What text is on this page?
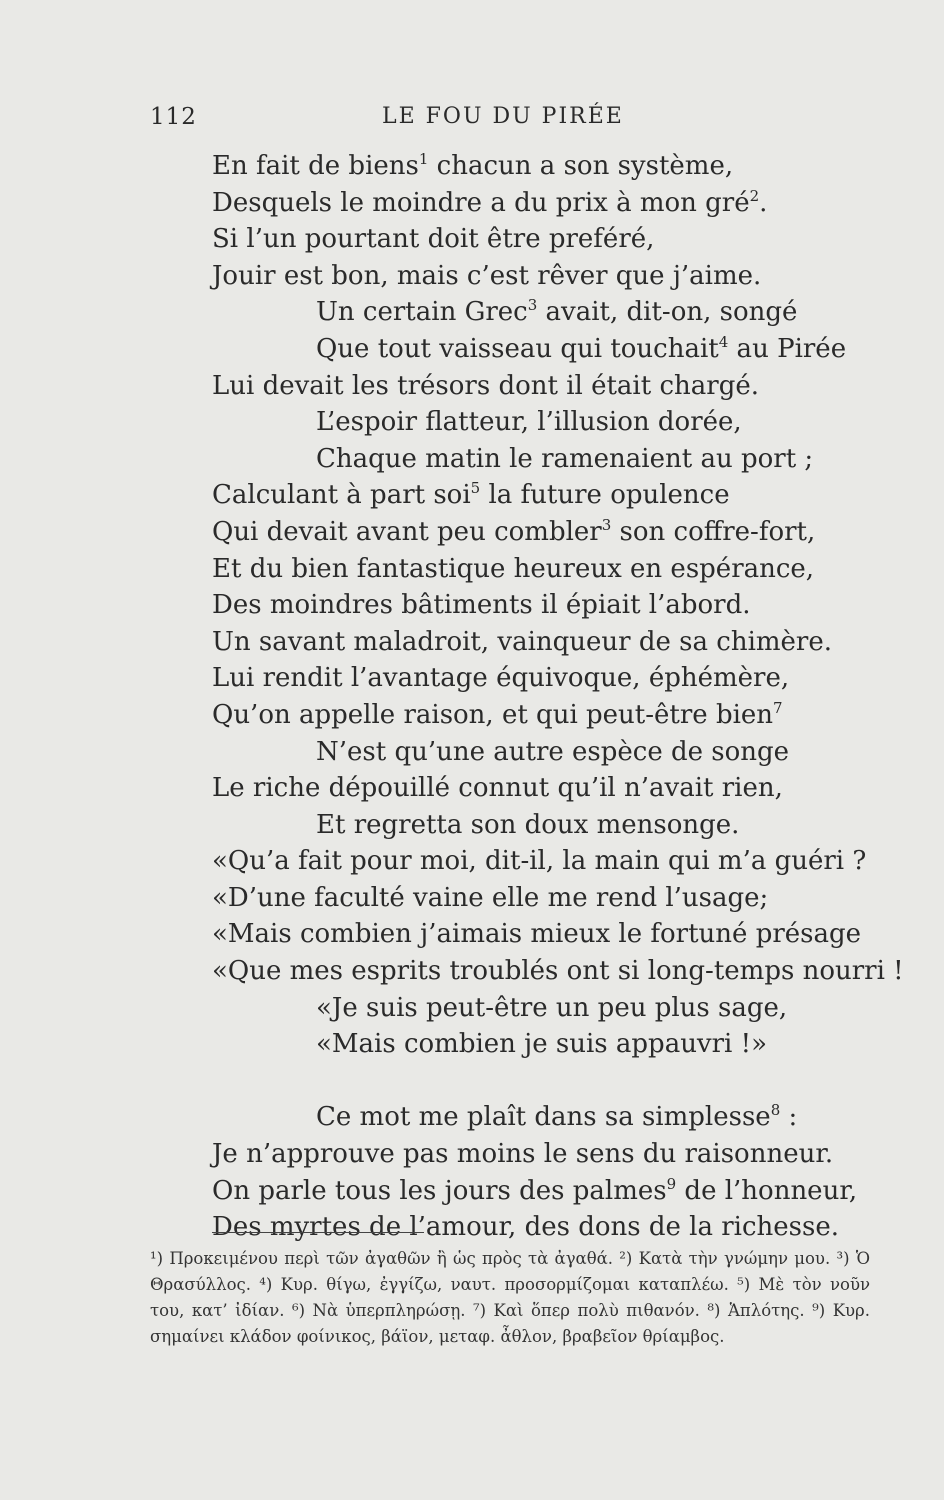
112	LE FOU DU PIRÉE
En fait de biens$^1$ chacun a son système,
Desquels le moindre a du prix à mon gré$^2$.
Si l’un pourtant doit être preféré,
Jouir est bon, mais c’est rêver que j’aime.
Un certain Grec$^3$ avait, dit-on, songé
Que tout vaisseau qui touchait$^4$ au Pirée
Lui devait les trésors dont il était chargé.
L’espoir flatteur, l’illusion dorée,
Chaque matin le ramenaient au port ;
Calculant à part soi$^5$ la future opulence
Qui devait avant peu combler$^3$ son coffre-fort,
Et du bien fantastique heureux en espérance,
Des moindres bâtiments il épiait l’abord.
Un savant maladroit, vainqueur de sa chimère.
Lui rendit l’avantage équivoque, éphémère,
Qu’on appelle raison, et qui peut-être bien$^7$
N’est qu’une autre espèce de songe
Le riche dépouillé connut qu’il n’avait rien,
Et regretta son doux mensonge.
«Qu’a fait pour moi, dit-il, la main qui m’a guéri ?
«D’une faculté vaine elle me rend l’usage;
«Mais combien j’aimais mieux le fortuné présage
«Que mes esprits troublés ont si long-temps nourri !
«Je suis peut-être un peu plus sage,
«Mais combien je suis appauvri !»
Ce mot me plaît dans sa simplesse$^8$ :
Je n’approuve pas moins le sens du raisonneur.
On parle tous les jours des palmes$^9$ de l’honneur,
Des myrtes de l’amour, des dons de la richesse.

¹) Προκειμένου περὶ τῶν ἀγαθῶν ἢ ὡς πρὸς τὰ ἀγαθά. ²) Κατὰ τὴν γνώμην μου. ³) Ὁ Θρασύλλος. ⁴) Κυρ. θίγω, ἐγγίζω, ναυτ. προσορμίζομαι καταπλέω. ⁵) Μὲ τὸν νοῦν του, κατ’ ἰδίαν. ⁶) Νὰ ὑπερπληρώσῃ. ⁷) Καὶ ὅπερ πολὺ πιθανόν. ⁸) Ἁπλότης. ⁹) Κυρ. σημαίνει κλάδον φοίνικος, βάϊον, μεταφ. ἆθλον, βραβεῖον θρίαμβος.
